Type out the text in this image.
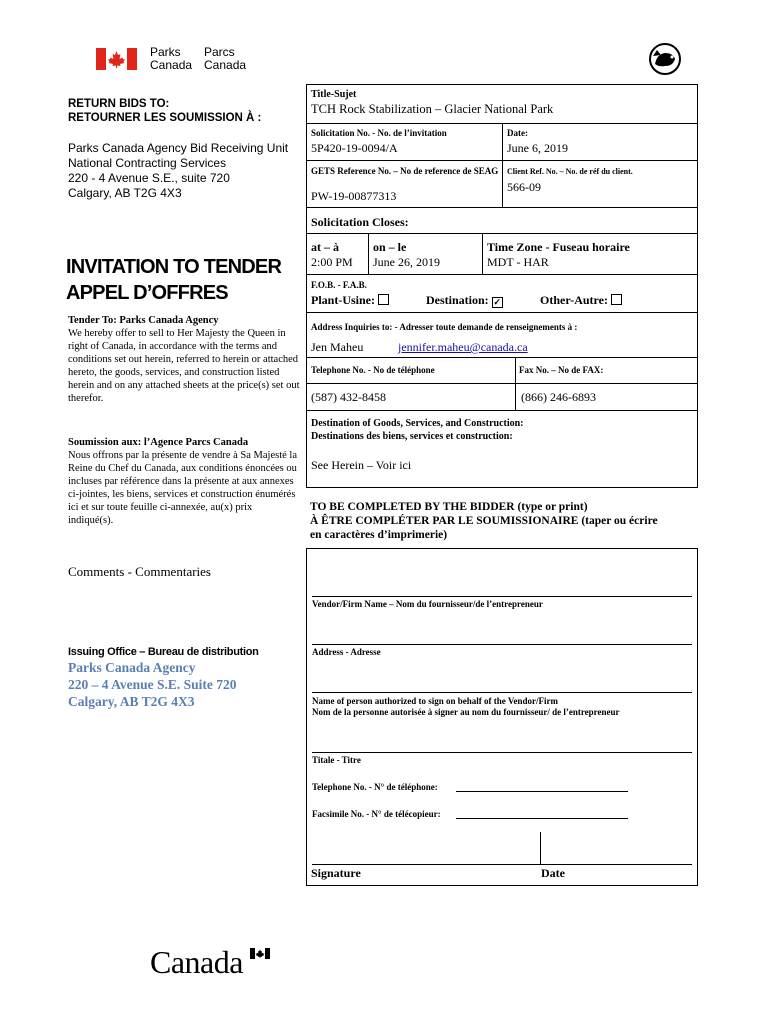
Parks
Canada
Parcs
Canada
RETURN BIDS TO:
RETOURNER LES SOUMISSION À :
Parks Canada Agency Bid Receiving Unit
National Contracting Services
220 - 4 Avenue S.E., suite 720
Calgary, AB T2G 4X3
INVITATION TO TENDER
APPEL D’OFFRES
Tender To: Parks Canada Agency
We hereby offer to sell to Her Majesty the Queen in right of Canada, in accordance with the terms and conditions set out herein, referred to herein or attached hereto, the goods, services, and construction listed herein and on any attached sheets at the price(s) set out therefor.
Soumission aux: l’Agence Parcs Canada
Nous offrons par la présente de vendre à Sa Majesté la Reine du Chef du Canada, aux conditions énoncées ou incluses par référence dans la présente at aux annexes ci-jointes, les biens, services et construction énumérés ici et sur toute feuille ci-annexée, au(x) prix indiqué(s).
Comments - Commentaries
Issuing Office – Bureau de distribution
Parks Canada Agency
220 – 4 Avenue S.E. Suite 720
Calgary, AB T2G 4X3
Title-Sujet
TCH Rock Stabilization – Glacier National Park
Solicitation No. - No. de l’invitation
5P420-19-0094/A
Date:
June 6, 2019
GETS Reference No. – No de reference de SEAG
PW-19-00877313
Client Ref. No. – No. de réf du client.
566-09
Solicitation Closes:
at – à
2:00 PM
on – le
June 26, 2019
Time Zone - Fuseau horaire
MDT - HAR
F.O.B. - F.A.B.
Plant-Usine:	Destination: ✓	Other-Autre:
Address Inquiries to: - Adresser toute demande de renseignements à :
Jen Maheu	jennifer.maheu@canada.ca
Telephone No. - No de téléphone	Fax No. – No de FAX:
(587) 432-8458	(866) 246-6893
Destination of Goods, Services, and Construction:
Destinations des biens, services et construction:
See Herein – Voir ici
TO BE COMPLETED BY THE BIDDER (type or print)
À ÊTRE COMPLÉTER PAR LE SOUMISSIONAIRE (taper ou écrire
en caractères d’imprimerie)
Vendor/Firm Name – Nom du fournisseur/de l’entrepreneur
Address - Adresse
Name of person authorized to sign on behalf of the Vendor/Firm
Nom de la personne autorisée à signer au nom du fournisseur/ de l’entrepreneur
Titale - Titre
Telephone No. - N° de téléphone:
Facsimile No. - N° de télécopieur:
Signature	Date
Canada
